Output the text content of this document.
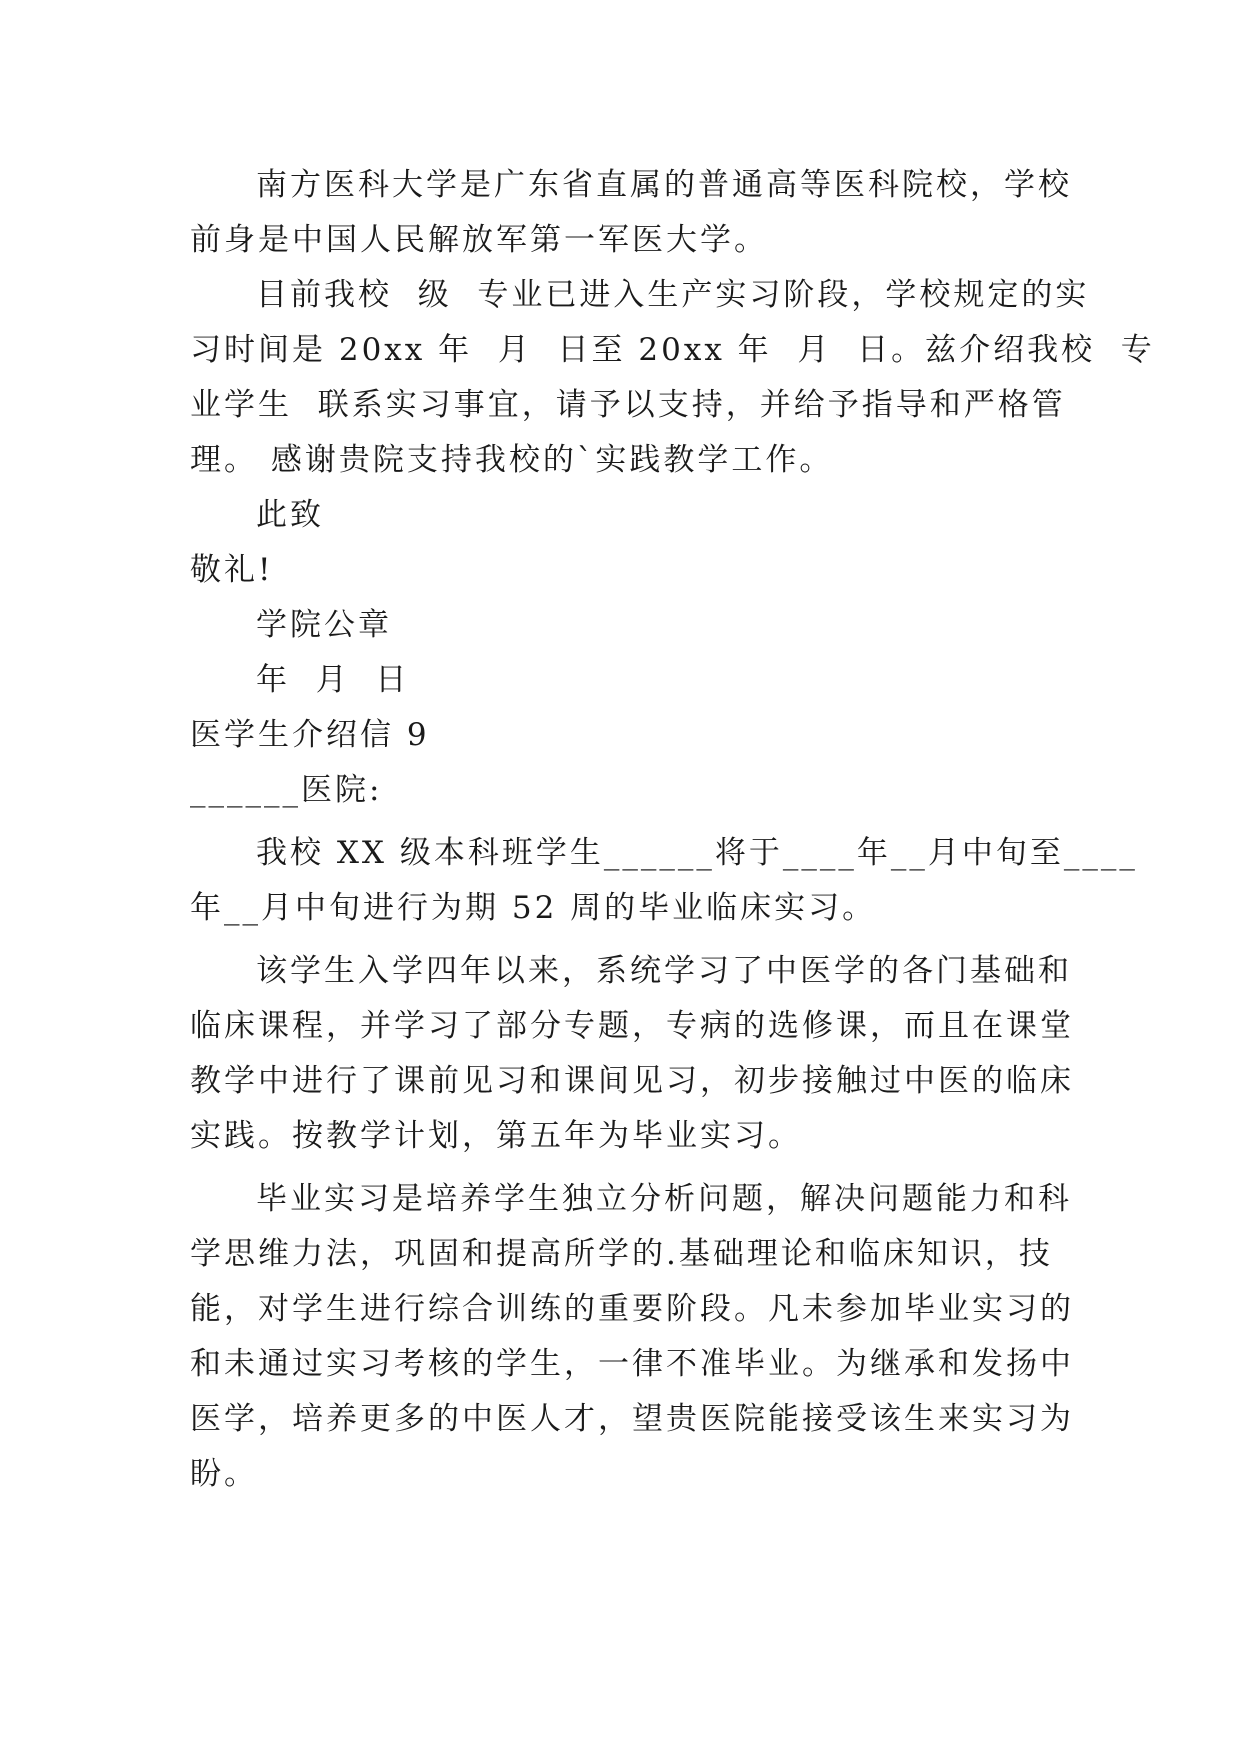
南方医科大学是广东省直属的普通高等医科院校，学校
前身是中国人民解放军第一军医大学。
目前我校  级  专业已进入生产实习阶段，学校规定的实
习时间是 20xx 年  月  日至 20xx 年  月  日。兹介绍我校  专
业学生  联系实习事宜，请予以支持，并给予指导和严格管
理。 感谢贵院支持我校的`实践教学工作。
此致
敬礼!
学院公章
年  月  日
医学生介绍信 9
______医院:
我校 XX 级本科班学生______将于____年__月中旬至____
年__月中旬进行为期 52 周的毕业临床实习。
该学生入学四年以来，系统学习了中医学的各门基础和
临床课程，并学习了部分专题，专病的选修课，而且在课堂
教学中进行了课前见习和课间见习，初步接触过中医的临床
实践。按教学计划，第五年为毕业实习。
毕业实习是培养学生独立分析问题，解决问题能力和科
学思维力法，巩固和提高所学的.基础理论和临床知识，技
能，对学生进行综合训练的重要阶段。凡未参加毕业实习的
和未通过实习考核的学生，一律不准毕业。为继承和发扬中
医学，培养更多的中医人才，望贵医院能接受该生来实习为
盼。
